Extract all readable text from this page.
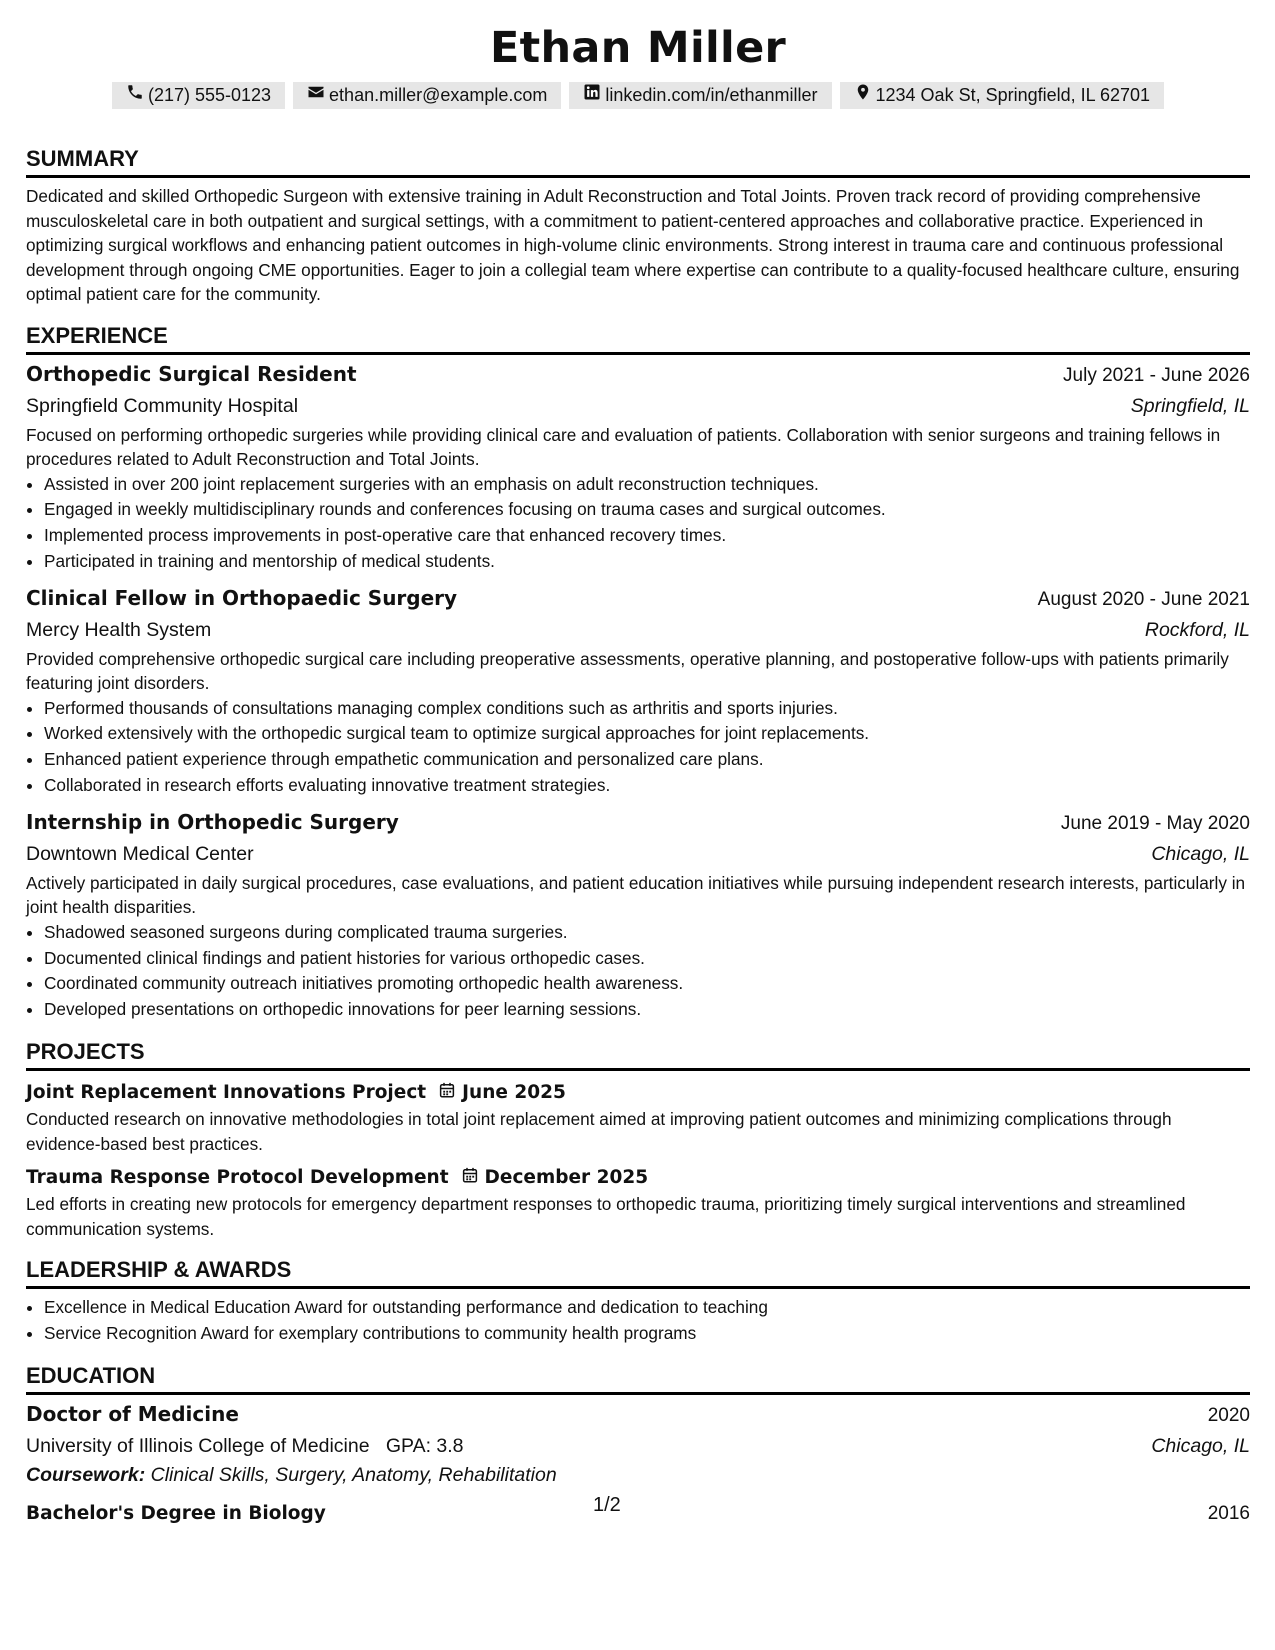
Ethan Miller
(217) 555-0123	ethan.miller@example.com	linkedin.com/in/ethanmiller	1234 Oak St, Springfield, IL 62701
SUMMARY
Dedicated and skilled Orthopedic Surgeon with extensive training in Adult Reconstruction and Total Joints. Proven track record of providing comprehensive musculoskeletal care in both outpatient and surgical settings, with a commitment to patient-centered approaches and collaborative practice. Experienced in optimizing surgical workflows and enhancing patient outcomes in high-volume clinic environments. Strong interest in trauma care and continuous professional development through ongoing CME opportunities. Eager to join a collegial team where expertise can contribute to a quality-focused healthcare culture, ensuring optimal patient care for the community.
EXPERIENCE
Orthopedic Surgical Resident	July 2021 - June 2026
Springfield Community Hospital	Springfield, IL
Focused on performing orthopedic surgeries while providing clinical care and evaluation of patients. Collaboration with senior surgeons and training fellows in procedures related to Adult Reconstruction and Total Joints.
• Assisted in over 200 joint replacement surgeries with an emphasis on adult reconstruction techniques.
• Engaged in weekly multidisciplinary rounds and conferences focusing on trauma cases and surgical outcomes.
• Implemented process improvements in post-operative care that enhanced recovery times.
• Participated in training and mentorship of medical students.
Clinical Fellow in Orthopaedic Surgery	August 2020 - June 2021
Mercy Health System	Rockford, IL
Provided comprehensive orthopedic surgical care including preoperative assessments, operative planning, and postoperative follow-ups with patients primarily featuring joint disorders.
• Performed thousands of consultations managing complex conditions such as arthritis and sports injuries.
• Worked extensively with the orthopedic surgical team to optimize surgical approaches for joint replacements.
• Enhanced patient experience through empathetic communication and personalized care plans.
• Collaborated in research efforts evaluating innovative treatment strategies.
Internship in Orthopedic Surgery	June 2019 - May 2020
Downtown Medical Center	Chicago, IL
Actively participated in daily surgical procedures, case evaluations, and patient education initiatives while pursuing independent research interests, particularly in joint health disparities.
• Shadowed seasoned surgeons during complicated trauma surgeries.
• Documented clinical findings and patient histories for various orthopedic cases.
• Coordinated community outreach initiatives promoting orthopedic health awareness.
• Developed presentations on orthopedic innovations for peer learning sessions.
PROJECTS
Joint Replacement Innovations Project June 2025
Conducted research on innovative methodologies in total joint replacement aimed at improving patient outcomes and minimizing complications through evidence-based best practices.
Trauma Response Protocol Development December 2025
Led efforts in creating new protocols for emergency department responses to orthopedic trauma, prioritizing timely surgical interventions and streamlined communication systems.
LEADERSHIP & AWARDS
• Excellence in Medical Education Award for outstanding performance and dedication to teaching
• Service Recognition Award for exemplary contributions to community health programs
EDUCATION
Doctor of Medicine	2020
University of Illinois College of Medicine GPA: 3.8	Chicago, IL
Coursework: Clinical Skills, Surgery, Anatomy, Rehabilitation
Bachelor's Degree in Biology	2016
1/2
